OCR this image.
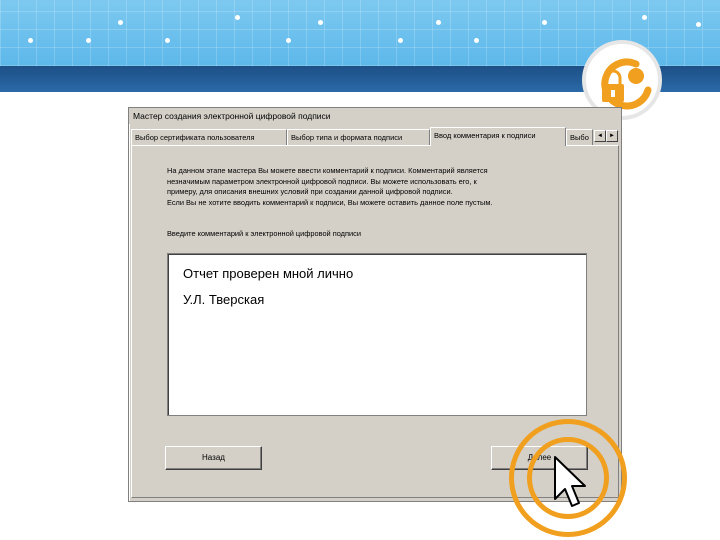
Мастер создания электронной цифровой подписи
Выбор сертификата пользователя	Выбор типа и формата подписи	Ввод комментария к подписи	Выбо	◄	►
На данном этапе мастера Вы можете ввести комментарий к подписи. Комментарий является
незначимым параметром электронной цифровой подписи. Вы можете использовать его, к
примеру, для описания внешних условий при создании данной цифровой подписи.
Если Вы не хотите вводить комментарий к подписи, Вы можете оставить данное поле пустым.
Введите комментарий к электронной цифровой подписи
Отчет проверен мной лично
У.Л. Тверская
Назад	Далее
